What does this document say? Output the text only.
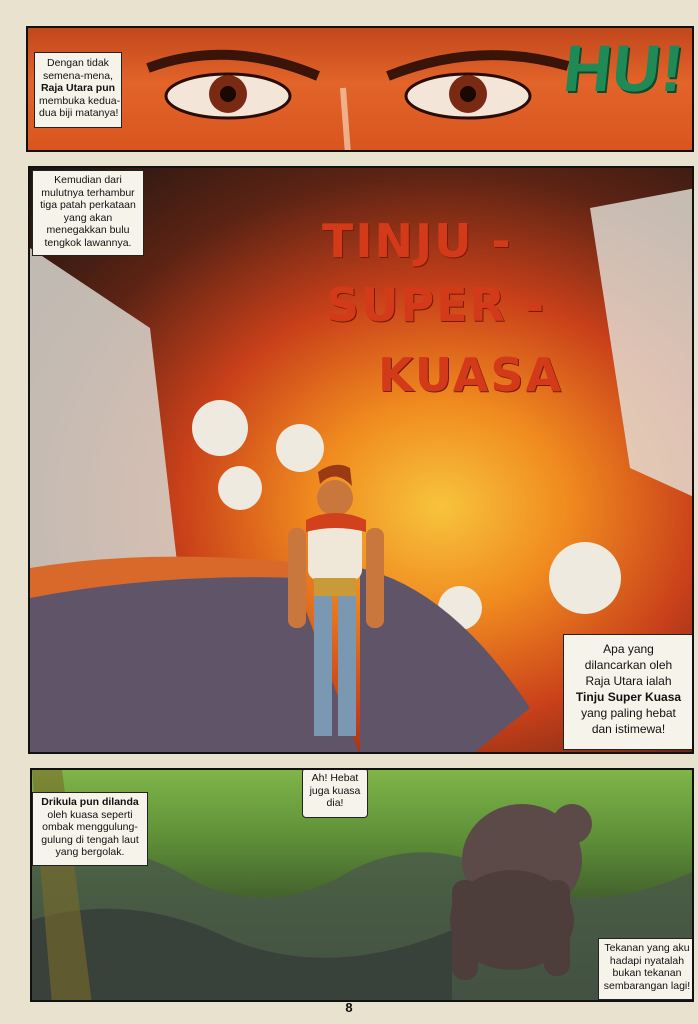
Dengan tidak
semena-mena,
Raja Utara pun
membuka kedua-
dua biji matanya!
HU!
Kemudian dari
mulutnya terhambur
tiga patah perkataan
yang akan
menegakkan bulu
tengkok lawannya.	TINJU -
SUPER -
KUASA
Apa yang
dilancarkan oleh
Raja Utara ialah
Tinju Super Kuasa
yang paling hebat
dan istimewa!
Drikula pun dilanda
oleh kuasa seperti
ombak menggulung-
gulung di tengah laut
yang bergolak.
Ah! Hebat
juga kuasa
dia!
Tekanan yang aku
hadapi nyatalah
bukan tekanan
sembarangan lagi!
8
